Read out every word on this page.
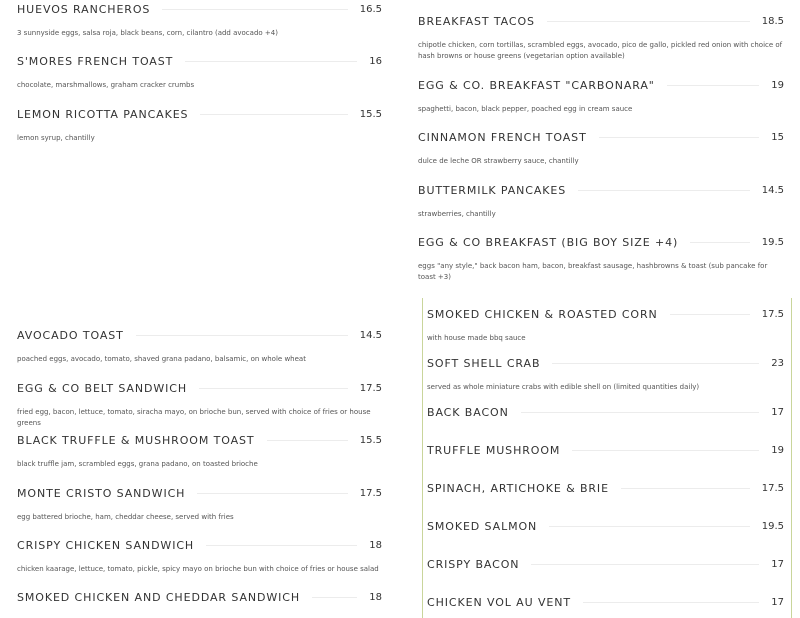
HUEVOS RANCHEROS	16.5
3 sunnyside eggs, salsa roja, black beans, corn, cilantro (add avocado +4)
S'MORES FRENCH TOAST	16
chocolate, marshmallows, graham cracker crumbs
LEMON RICOTTA PANCAKES	15.5
lemon syrup, chantilly
BREAKFAST TACOS	18.5
chipotle chicken, corn tortillas, scrambled eggs, avocado, pico de gallo, pickled red onion with choice of hash browns or house greens (vegetarian option available)
EGG & CO. BREAKFAST "CARBONARA"	19
spaghetti, bacon, black pepper, poached egg in cream sauce
CINNAMON FRENCH TOAST	15
dulce de leche OR strawberry sauce, chantilly
BUTTERMILK PANCAKES	14.5
strawberries, chantilly
EGG & CO BREAKFAST (BIG BOY SIZE +4)	19.5
eggs "any style," back bacon ham, bacon, breakfast sausage, hashbrowns & toast (sub pancake for toast +3)
AVOCADO TOAST	14.5
poached eggs, avocado, tomato, shaved grana padano, balsamic, on whole wheat
EGG & CO BELT SANDWICH	17.5
fried egg, bacon, lettuce, tomato, siracha mayo, on brioche bun, served with choice of fries or house greens
BLACK TRUFFLE & MUSHROOM TOAST	15.5
black truffle jam, scrambled eggs, grana padano, on toasted brioche
MONTE CRISTO SANDWICH	17.5
egg battered brioche, ham, cheddar cheese, served with fries
CRISPY CHICKEN SANDWICH	18
chicken kaarage, lettuce, tomato, pickle, spicy mayo on brioche bun with choice of fries or house salad
SMOKED CHICKEN AND CHEDDAR SANDWICH	18
SMOKED CHICKEN & ROASTED CORN	17.5
with house made bbq sauce
SOFT SHELL CRAB	23
served as whole miniature crabs with edible shell on (limited quantities daily)
BACK BACON	17
TRUFFLE MUSHROOM	19
SPINACH, ARTICHOKE & BRIE	17.5
SMOKED SALMON	19.5
CRISPY BACON	17
CHICKEN VOL AU VENT	17
